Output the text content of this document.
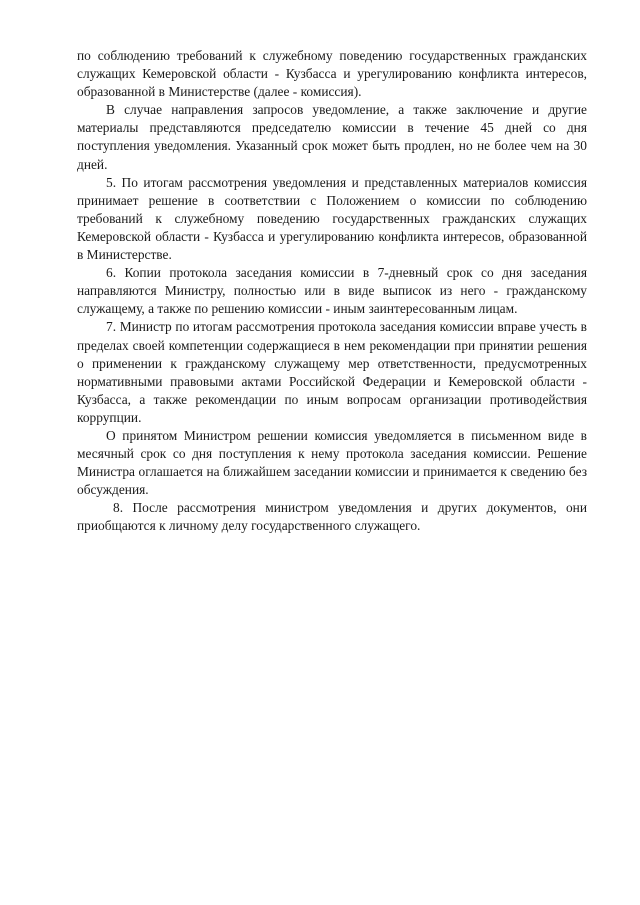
по соблюдению требований к служебному поведению государственных гражданских служащих Кемеровской области - Кузбасса и урегулированию конфликта интересов, образованной в Министерстве (далее - комиссия).

В случае направления запросов уведомление, а также заключение и другие материалы представляются председателю комиссии в течение 45 дней со дня поступления уведомления. Указанный срок может быть продлен, но не более чем на 30 дней.

5. По итогам рассмотрения уведомления и представленных материалов комиссия принимает решение в соответствии с Положением о комиссии по соблюдению требований к служебному поведению государственных гражданских служащих Кемеровской области - Кузбасса и урегулированию конфликта интересов, образованной в Министерстве.

6. Копии протокола заседания комиссии в 7-дневный срок со дня заседания направляются Министру, полностью или в виде выписок из него - гражданскому служащему, а также по решению комиссии - иным заинтересованным лицам.

7. Министр по итогам рассмотрения протокола заседания комиссии вправе учесть в пределах своей компетенции содержащиеся в нем рекомендации при принятии решения о применении к гражданскому служащему мер ответственности, предусмотренных нормативными правовыми актами Российской Федерации и Кемеровской области - Кузбасса, а также рекомендации по иным вопросам организации противодействия коррупции.

О принятом Министром решении комиссия уведомляется в письменном виде в месячный срок со дня поступления к нему протокола заседания комиссии. Решение Министра оглашается на ближайшем заседании комиссии и принимается к сведению без обсуждения.

8. После рассмотрения министром уведомления и других документов, они приобщаются к личному делу государственного служащего.
